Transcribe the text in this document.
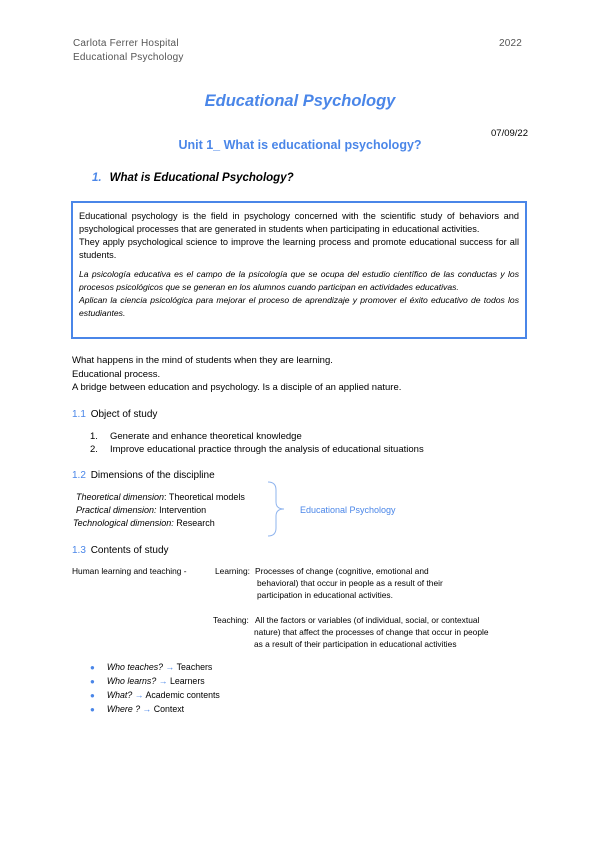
Carlota Ferrer Hospital
Educational Psychology
2022
Educational Psychology
07/09/22
Unit 1_ What is educational psychology?
1. What is Educational Psychology?

Educational psychology is the field in psychology concerned with the scientific study of behaviors and psychological processes that are generated in students when participating in educational activities.

They apply psychological science to improve the learning process and promote educational success for all students.

La psicología educativa es el campo de la psicología que se ocupa del estudio científico de las conductas y los procesos psicológicos que se generan en los alumnos cuando participan en actividades educativas.

Aplican la ciencia psicológica para mejorar el proceso de aprendizaje y promover el éxito educativo de todos los estudiantes.

What happens in the mind of students when they are learning.
Educational process.
A bridge between education and psychology. Is a disciple of an applied nature.
1.1 Object of study
1. Generate and enhance theoretical knowledge
2. Improve educational practice through the analysis of educational situations
1.2 Dimensions of the discipline
Theoretical dimension: Theoretical models
Practical dimension: Intervention
Technological dimension: Research
Educational Psychology
1.3 Contents of study
Human learning and teaching -	Learning: Processes of change (cognitive, emotional and
behavioral) that occur in people as a result of their
participation in educational activities.
Teaching: All the factors or variables (of individual, social, or contextual
nature) that affect the processes of change that occur in people
as a result of their participation in educational activities
● Who teaches? → Teachers
● Who learns? → Learners
● What? → Academic contents
● Where ? → Context
